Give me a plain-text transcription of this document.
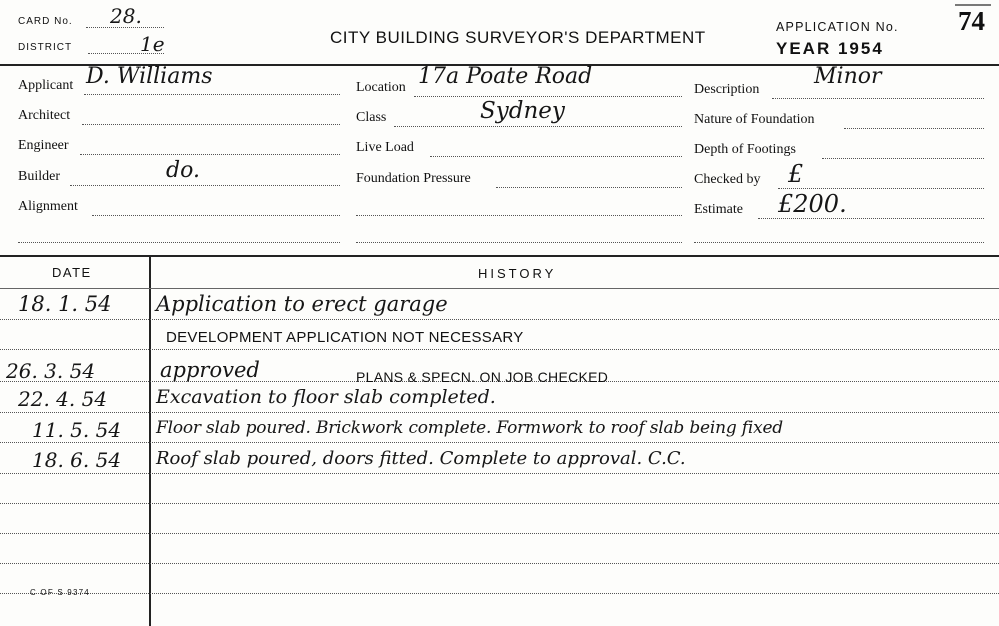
CARD No. 28.
DISTRICT	1e	CITY BUILDING SURVEYOR'S DEPARTMENT
APPLICATION No. 74
YEAR 1954
Applicant D. Williams
Architect
Engineer
Builder	do.
Alignment
Location 17a Poate Road
Class	Sydney
Live Load
Foundation Pressure
Description
Minor
Nature of Foundation
Depth of Footings
Checked by £
Estimate £200.
DATE	HISTORY
18. 1. 54 Application to erect garage
DEVELOPMENT APPLICATION NOT NECESSARY
26. 3. 54	approved	PLANS & SPECN. ON JOB CHECKED
22. 4. 54	Excavation to floor slab completed.
11. 5. 54 Floor slab poured. Brickwork complete. Formwork to roof slab being fixed
18. 6. 54 Roof slab poured, doors fitted. Complete to approval. C.C.
C OF S 9374
